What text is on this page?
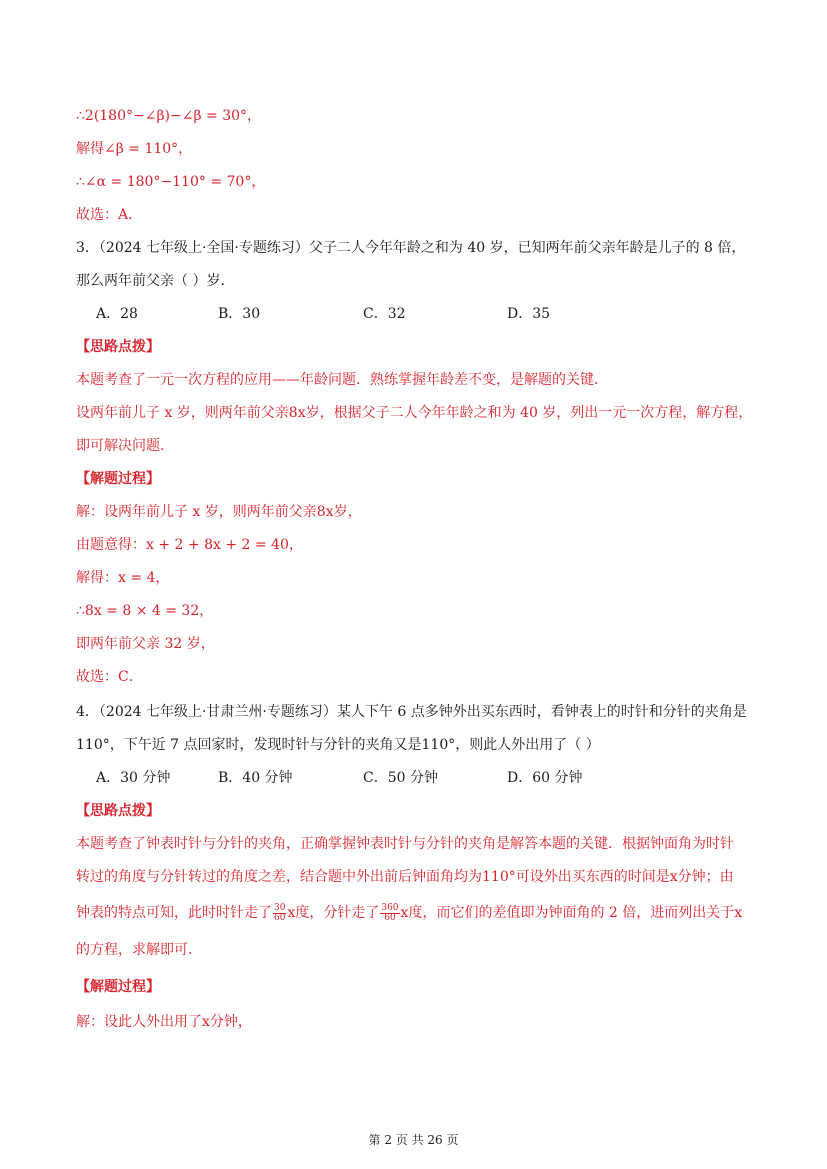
∴2(180°−∠β)−∠β = 30°，
解得∠β = 110°，
∴∠α = 180°−110° = 70°，
故选：A．
3．（2024 七年级上·全国·专题练习）父子二人今年年龄之和为 40 岁，已知两年前父亲年龄是儿子的 8 倍，
那么两年前父亲（ ）岁．
A．28	B．30	C．32	D．35
【思路点拨】
本题考查了一元一次方程的应用——年龄问题．熟练掌握年龄差不变，是解题的关键．
设两年前儿子 x 岁，则两年前父亲8x岁，根据父子二人今年年龄之和为 40 岁，列出一元一次方程，解方程，
即可解决问题．
【解题过程】
解：设两年前儿子 x 岁，则两年前父亲8x岁，
由题意得：x + 2 + 8x + 2 = 40，
解得：x = 4，
∴8x = 8 × 4 = 32，
即两年前父亲 32 岁，
故选：C．
4．（2024 七年级上·甘肃兰州·专题练习）某人下午 6 点多钟外出买东西时，看钟表上的时针和分针的夹角是
110°，下午近 7 点回家时，发现时针与分针的夹角又是110°，则此人外出用了（ ）
A．30 分钟	B．40 分钟	C．50 分钟	D．60 分钟
【思路点拨】
本题考查了钟表时针与分针的夹角，正确掌握钟表时针与分针的夹角是解答本题的关键．根据钟面角为时针
转过的角度与分针转过的角度之差，结合题中外出前后钟面角均为110°可设外出买东西的时间是x分钟；由
钟表的特点可知，此时时针走了 $\frac{30}{60}$ x度，分针走了 $\frac{360}{60}$ x度，而它们的差值即为钟面角的 2 倍，进而列出关于x
的方程，求解即可.
【解题过程】
解：设此人外出用了x分钟，
第 2 页 共 26 页
